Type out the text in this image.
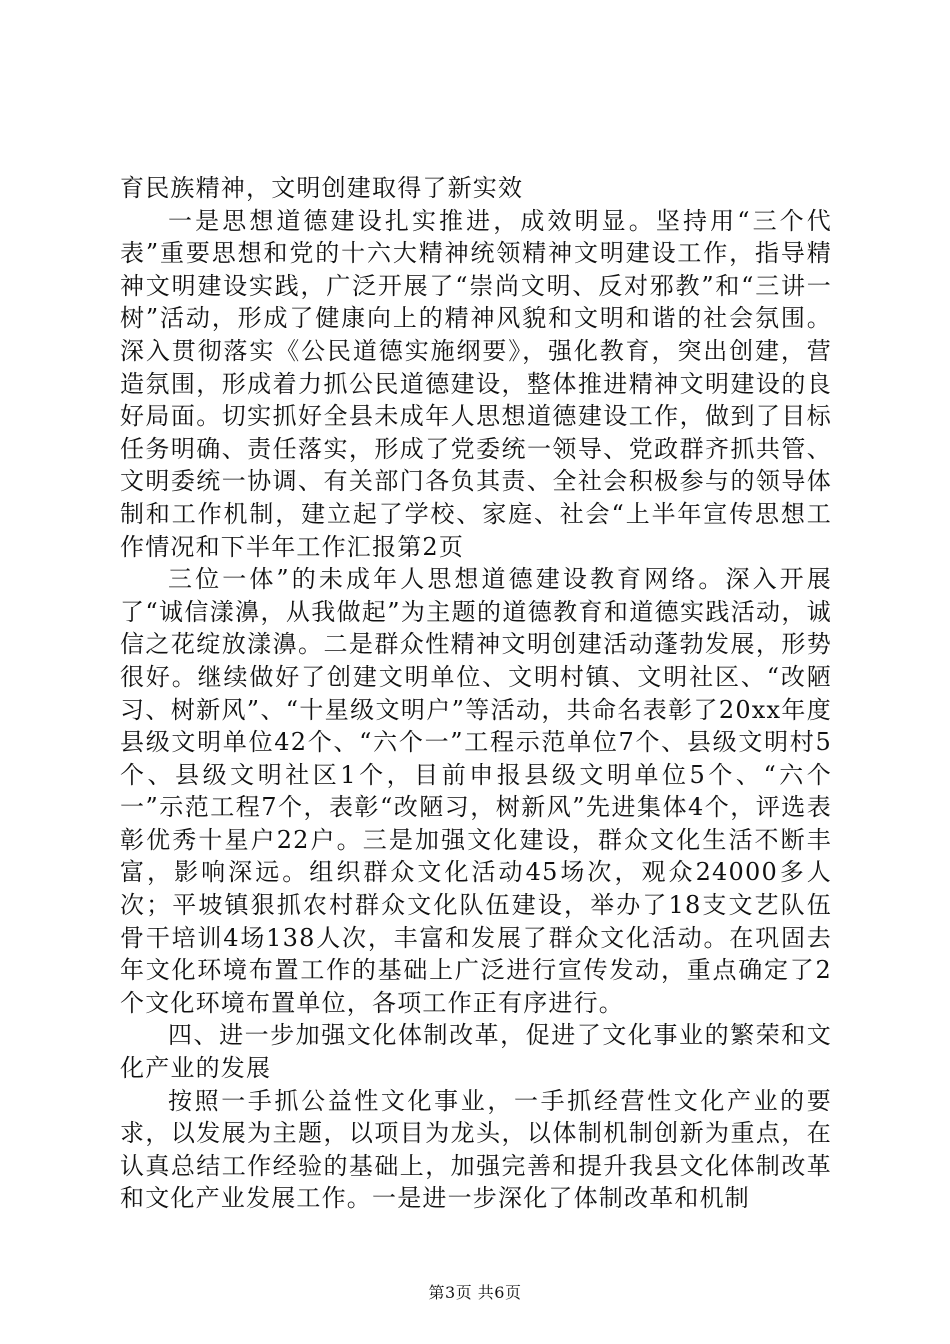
育民族精神，文明创建取得了新实效

一是思想道德建设扎实推进，成效明显。坚持用“三个代表”重要思想和党的十六大精神统领精神文明建设工作，指导精神文明建设实践，广泛开展了“崇尚文明、反对邪教”和“三讲一树”活动，形成了健康向上的精神风貌和文明和谐的社会氛围。深入贯彻落实《公民道德实施纲要》，强化教育，突出创建，营造氛围，形成着力抓公民道德建设，整体推进精神文明建设的良好局面。切实抓好全县未成年人思想道德建设工作，做到了目标任务明确、责任落实，形成了党委统一领导、党政群齐抓共管、文明委统一协调、有关部门各负其责、全社会积极参与的领导体制和工作机制，建立起了学校、家庭、社会“上半年宣传思想工作情况和下半年工作汇报第2页

三位一体”的未成年人思想道德建设教育网络。深入开展了“诚信漾濞，从我做起”为主题的道德教育和道德实践活动，诚信之花绽放漾濞。二是群众性精神文明创建活动蓬勃发展，形势很好。继续做好了创建文明单位、文明村镇、文明社区、“改陋习、树新风”、“十星级文明户”等活动，共命名表彰了20xx年度县级文明单位42个、“六个一”工程示范单位7个、县级文明村5个、县级文明社区1个，目前申报县级文明单位5个、“六个一”示范工程7个，表彰“改陋习，树新风”先进集体4个，评选表彰优秀十星户22户。三是加强文化建设，群众文化生活不断丰富，影响深远。组织群众文化活动45场次，观众24000多人次；平坡镇狠抓农村群众文化队伍建设，举办了18支文艺队伍骨干培训4场138人次，丰富和发展了群众文化活动。在巩固去年文化环境布置工作的基础上广泛进行宣传发动，重点确定了2个文化环境布置单位，各项工作正有序进行。

四、进一步加强文化体制改革，促进了文化事业的繁荣和文化产业的发展

按照一手抓公益性文化事业，一手抓经营性文化产业的要求，以发展为主题，以项目为龙头，以体制机制创新为重点，在认真总结工作经验的基础上，加强完善和提升我县文化体制改革和文化产业发展工作。一是进一步深化了体制改革和机制

第3页 共6页
